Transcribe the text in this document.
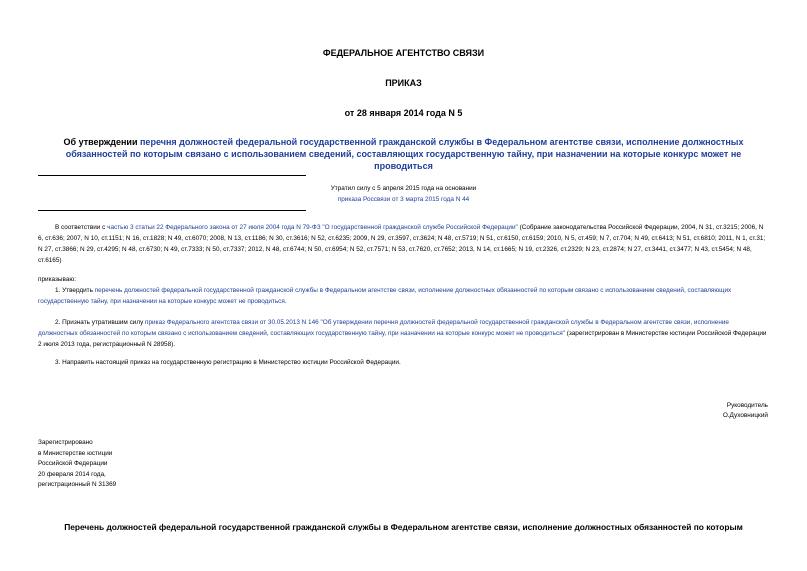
ФЕДЕРАЛЬНОЕ АГЕНТСТВО СВЯЗИ
ПРИКАЗ
от 28 января 2014 года N 5
Об утверждении перечня должностей федеральной государственной гражданской службы в Федеральном агентстве связи, исполнение должностных обязанностей по которым связано с использованием сведений, составляющих государственную тайну, при назначении на которые конкурс может не проводиться
Утратил силу с 5 апреля 2015 года на основании
приказа Россвязи от 3 марта 2015 года N 44
В соответствии с частью 3 статьи 22 Федерального закона от 27 июля 2004 года N 79-ФЗ "О государственной гражданской службе Российской Федерации" (Собрание законодательства Российской Федерации, 2004, N 31, ст.3215; 2006, N 6, ст.636; 2007, N 10, ст.1151; N 16, ст.1828; N 49, ст.6070; 2008, N 13, ст.1186; N 30, ст.3616; N 52, ст.6235; 2009, N 29, ст.3597, ст.3624; N 48, ст.5719; N 51, ст.6150, ст.6159; 2010, N 5, ст.459; N 7, ст.704; N 49, ст.6413; N 51, ст.6810; 2011, N 1, ст.31; N 27, ст.3866; N 29, ст.4295; N 48, ст.6730; N 49, ст.7333; N 50, ст.7337; 2012, N 48, ст.6744; N 50, ст.6954; N 52, ст.7571; N 53, ст.7620, ст.7652; 2013, N 14, ст.1665; N 19, ст.2326, ст.2329; N 23, ст.2874; N 27, ст.3441, ст.3477; N 43, ст.5454; N 48, ст.6165)
приказываю:
1. Утвердить перечень должностей федеральной государственной гражданской службы в Федеральном агентстве связи, исполнение должностных обязанностей по которым связано с использованием сведений, составляющих государственную тайну, при назначении на которые конкурс может не проводиться.
2. Признать утратившим силу приказ Федерального агентства связи от 30.05.2013 N 146 "Об утверждении перечня должностей федеральной государственной гражданской службы в Федеральном агентстве связи, исполнение должностных обязанностей по которым связано с использованием сведений, составляющих государственную тайну, при назначении на которые конкурс может не проводиться" (зарегистрирован в Министерстве юстиции Российской Федерации 2 июля 2013 года, регистрационный N 28958).
3. Направить настоящий приказ на государственную регистрацию в Министерство юстиции Российской Федерации.
Руководитель
О.Духовницкий
Зарегистрировано
в Министерстве юстиции
Российской Федерации
20 февраля 2014 года,
регистрационный N 31369
Перечень должностей федеральной государственной гражданской службы в Федеральном агентстве связи, исполнение должностных обязанностей по которым
